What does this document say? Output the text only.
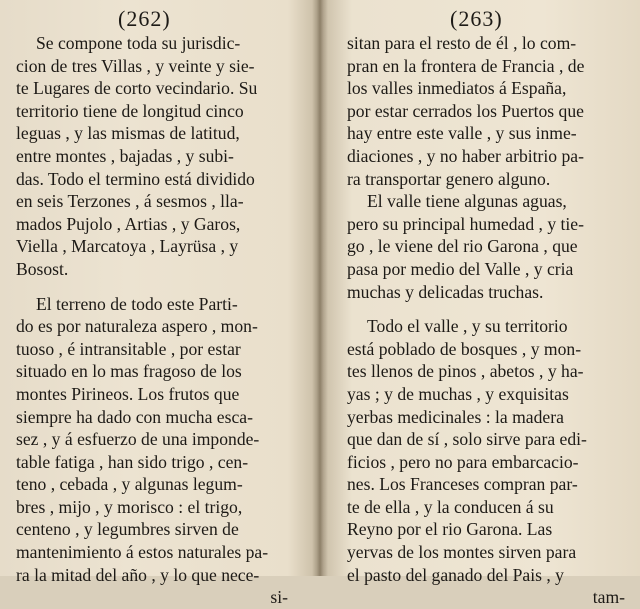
(262)
Se compone toda su jurisdic-
cion de tres Villas , y veinte y sie-
te Lugares de corto vecindario. Su
territorio tiene de longitud cinco
leguas , y las mismas de latitud,
entre montes , bajadas , y subi-
das. Todo el termino está dividido
en seis Terzones , á sesmos , lla-
mados Pujolo , Artias , y Garos,
Viella , Marcatoya , Layrüsa , y
Bosost.
El terreno de todo este Parti-
do es por naturaleza aspero , mon-
tuoso , é intransitable , por estar
situado en lo mas fragoso de los
montes Pirineos. Los frutos que
siempre ha dado con mucha esca-
sez , y á esfuerzo de una imponde-
table fatiga , han sido trigo , cen-
teno , cebada , y algunas legum-
bres , mijo , y morisco : el trigo,
centeno , y legumbres sirven de
mantenimiento á estos naturales pa-
ra la mitad del año , y lo que nece-
si-
(263)
sitan para el resto de él , lo com-
pran en la frontera de Francia , de
los valles inmediatos á España,
por estar cerrados los Puertos que
hay entre este valle , y sus inme-
diaciones , y no haber arbitrio pa-
ra transportar genero alguno.
El valle tiene algunas aguas,
pero su principal humedad , y tie-
go , le viene del rio Garona , que
pasa por medio del Valle , y cria
muchas y delicadas truchas.
Todo el valle , y su territorio
está poblado de bosques , y mon-
tes llenos de pinos , abetos , y ha-
yas ; y de muchas , y exquisitas
yerbas medicinales : la madera
que dan de sí , solo sirve para edi-
ficios , pero no para embarcacio-
nes. Los Franceses compran par-
te de ella , y la conducen á su
Reyno por el rio Garona. Las
yervas de los montes sirven para
el pasto del ganado del Pais , y
tam-
